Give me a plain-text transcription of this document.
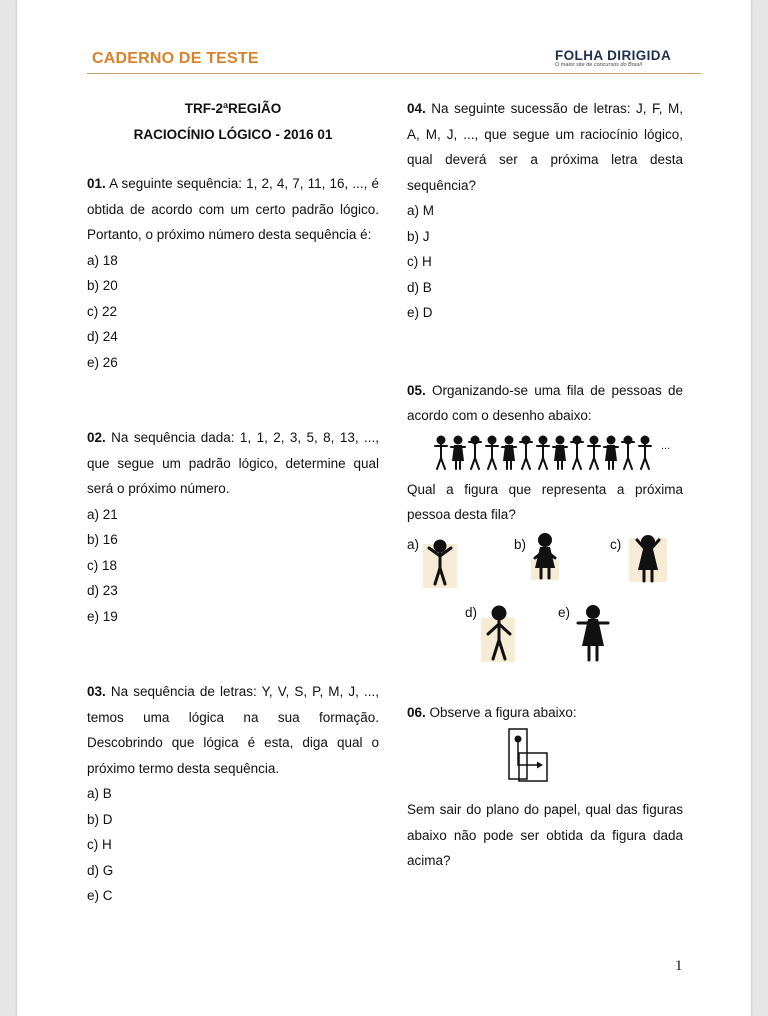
CADERNO DE TESTE	FOLHA DIRIGIDA
O maior site de concursos do Brasil

TRF-2ªREGIÃO

RACIOCÍNIO LÓGICO - 2016 01

01. A seguinte sequência: 1, 2, 4, 7, 11, 16, ..., é obtida de acordo com um certo padrão lógico. Portanto, o próximo número desta sequência é:

a) 18

b) 20

c) 22

d) 24

e) 26

02. Na sequência dada: 1, 1, 2, 3, 5, 8, 13, ..., que segue um padrão lógico, determine qual será o próximo número.

a) 21

b) 16

c) 18

d) 23

e) 19

03. Na sequência de letras: Y, V, S, P, M, J, ..., temos uma lógica na sua formação. Descobrindo que lógica é esta, diga qual o próximo termo desta sequência.

a) B

b) D

c) H

d) G

e) C

04. Na seguinte sucessão de letras: J, F, M, A, M, J, ..., que segue um raciocínio lógico, qual deverá ser a próxima letra desta sequência?

a) M

b) J

c) H

d) B

e) D

05. Organizando-se uma fila de pessoas de acordo com o desenho abaixo:

...

Qual a figura que representa a próxima pessoa desta fila?

a)	b)	c)
d)	e)

06. Observe a figura abaixo:

Sem sair do plano do papel, qual das figuras abaixo não pode ser obtida da figura dada acima?

1
